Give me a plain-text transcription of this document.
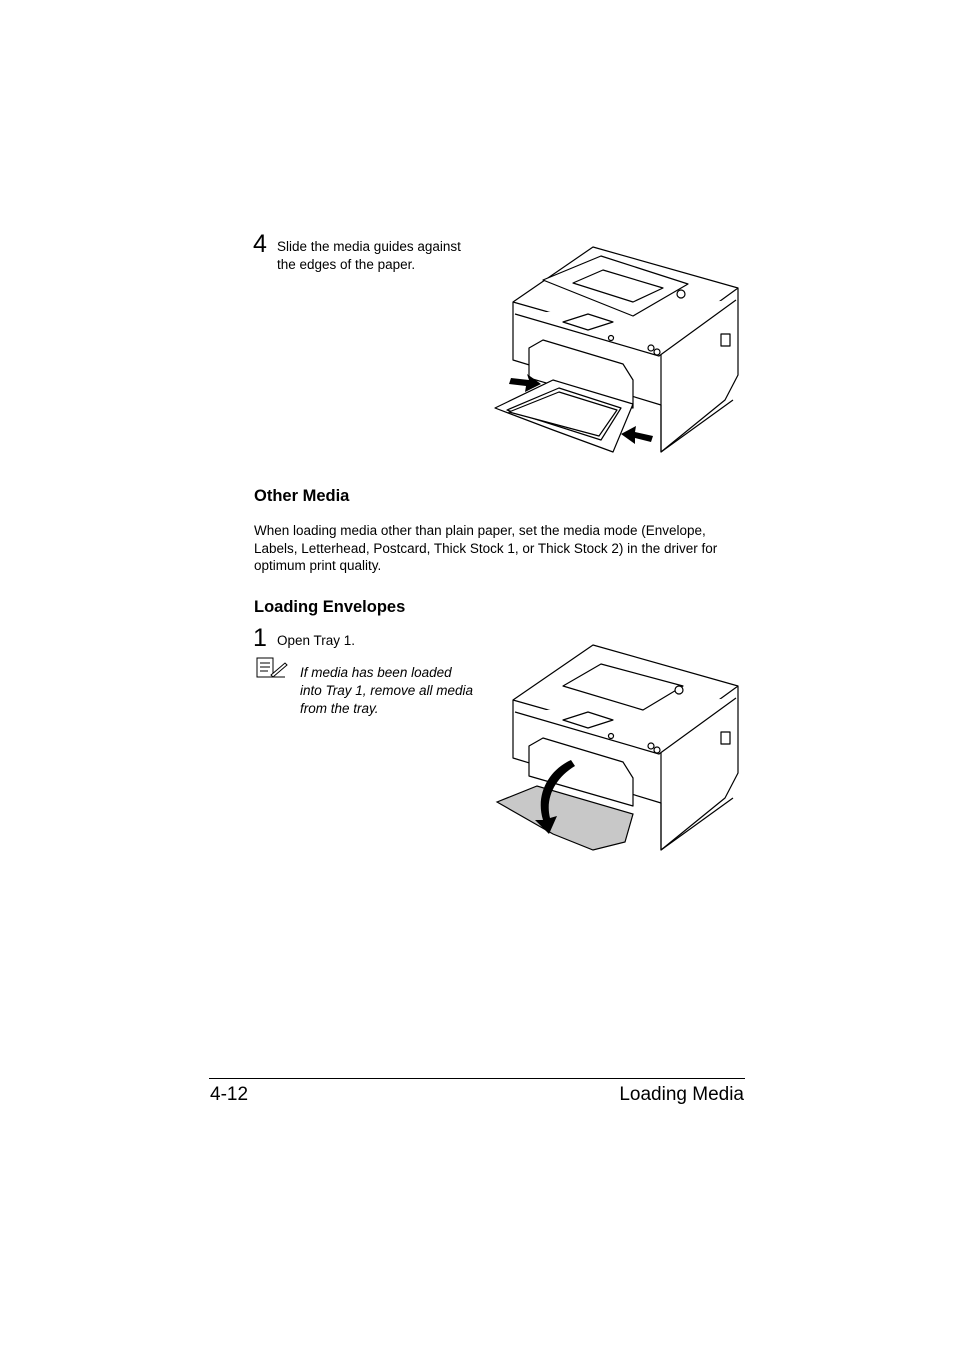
4 Slide the media guides against
the edges of the paper.
Other Media
When loading media other than plain paper, set the media mode (Envelope,
Labels, Letterhead, Postcard, Thick Stock 1, or Thick Stock 2) in the driver for
optimum print quality.
Loading Envelopes
1 Open Tray 1.
If media has been loaded
into Tray 1, remove all media
from the tray.
4-12	Loading Media
